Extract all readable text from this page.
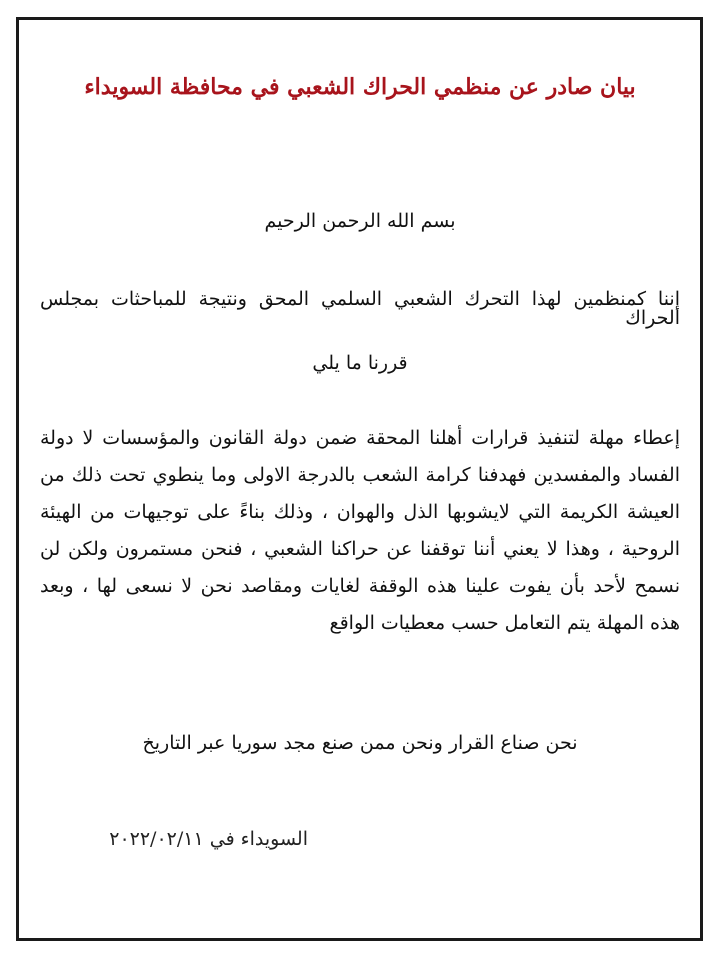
بيان صادر عن منظمي الحراك الشعبي في محافظة السويداء
بسم الله الرحمن الرحيم
إننا كمنظمين لهذا التحرك الشعبي السلمي المحق ونتيجة للمباحثات بمجلس الحراك
قررنا ما يلي
إعطاء مهلة لتنفيذ قرارات أهلنا المحقة ضمن دولة القانون والمؤسسات لا دولة الفساد والمفسدين فهدفنا كرامة الشعب بالدرجة الاولى وما ينطوي تحت ذلك من العيشة الكريمة التي لايشوبها الذل والهوان ، وذلك بناءً على توجيهات من الهيئة الروحية ، وهذا لا يعني أننا توقفنا عن حراكنا الشعبي ، فنحن مستمرون ولكن لن نسمح لأحد بأن يفوت علينا هذه الوقفة لغايات ومقاصد نحن لا نسعى لها ، وبعد هذه المهلة يتم التعامل حسب معطيات الواقع
نحن صناع القرار ونحن ممن صنع مجد سوريا عبر التاريخ
السويداء في ٢٠٢٢/٠٢/١١
